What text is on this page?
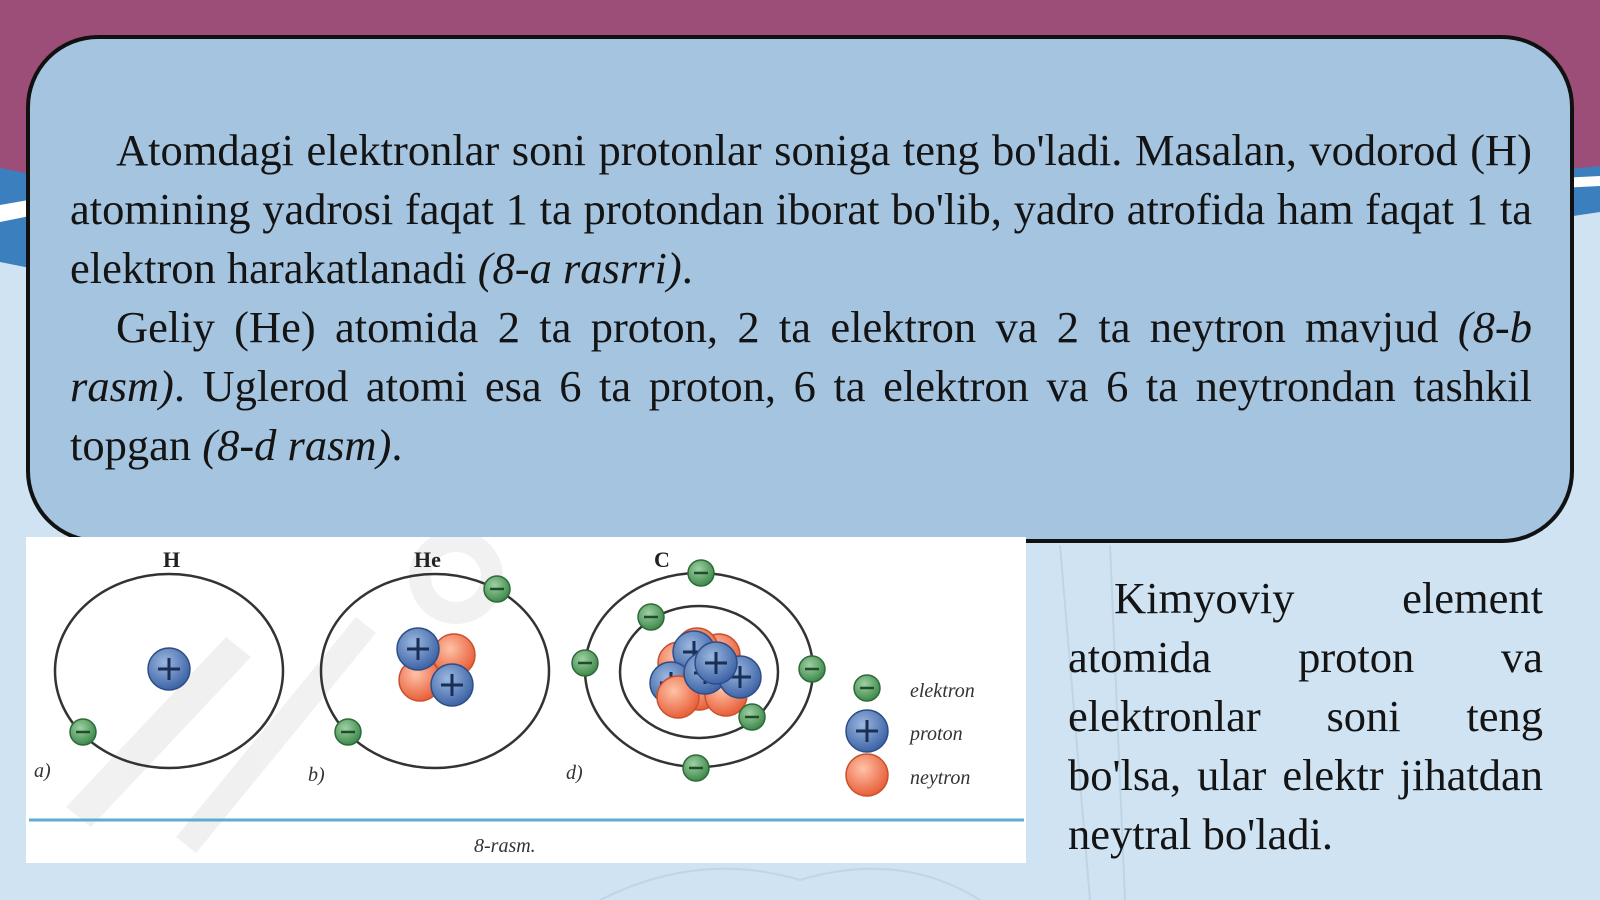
Atomdagi elektronlar soni protonlar soniga teng bo'ladi. Masalan, vodorod (H) atomining yadrosi faqat 1 ta protondan iborat bo'lib, yadro atrofida ham faqat 1 ta elektron harakatlanadi (8-a rasrri).

Geliy (He) atomida 2 ta proton, 2 ta elektron va 2 ta neytron mavjud (8-b rasm). Uglerod atomi esa 6 ta proton, 6 ta elektron va 6 ta neytrondan tashkil topgan (8-d rasm).

H
a)
He
b)
C
d)
elektron
proton
neytron
8-rasm.

Kimyoviy element atomida proton va elektronlar soni teng bo'lsa, ular elektr jihatdan neytral bo'ladi.
